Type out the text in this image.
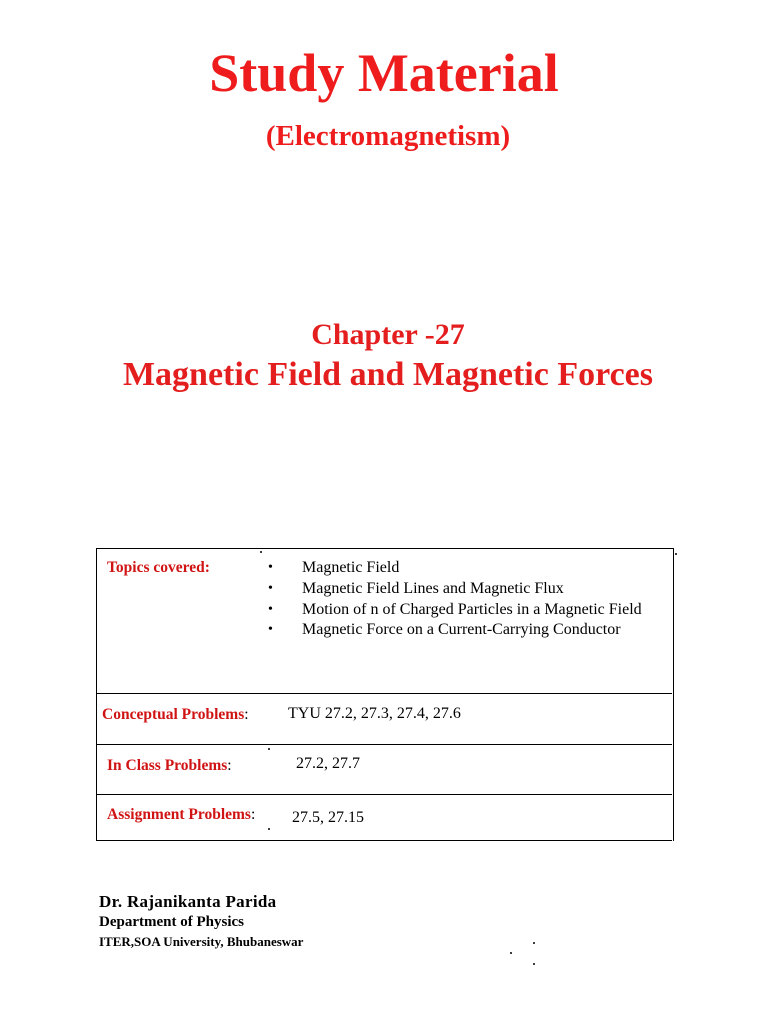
Study Material
(Electromagnetism)
Chapter -27
Magnetic Field and Magnetic Forces
Topics covered:	• Magnetic Field
• Magnetic Field Lines and Magnetic Flux
• Motion of n of Charged Particles in a Magnetic Field
• Magnetic Force on a Current-Carrying Conductor
Conceptual Problems: TYU 27.2, 27.3, 27.4, 27.6
In Class Problems:	27.2, 27.7
Assignment Problems: 27.5, 27.15
Dr. Rajanikanta Parida
Department of Physics
ITER,SOA University, Bhubaneswar
